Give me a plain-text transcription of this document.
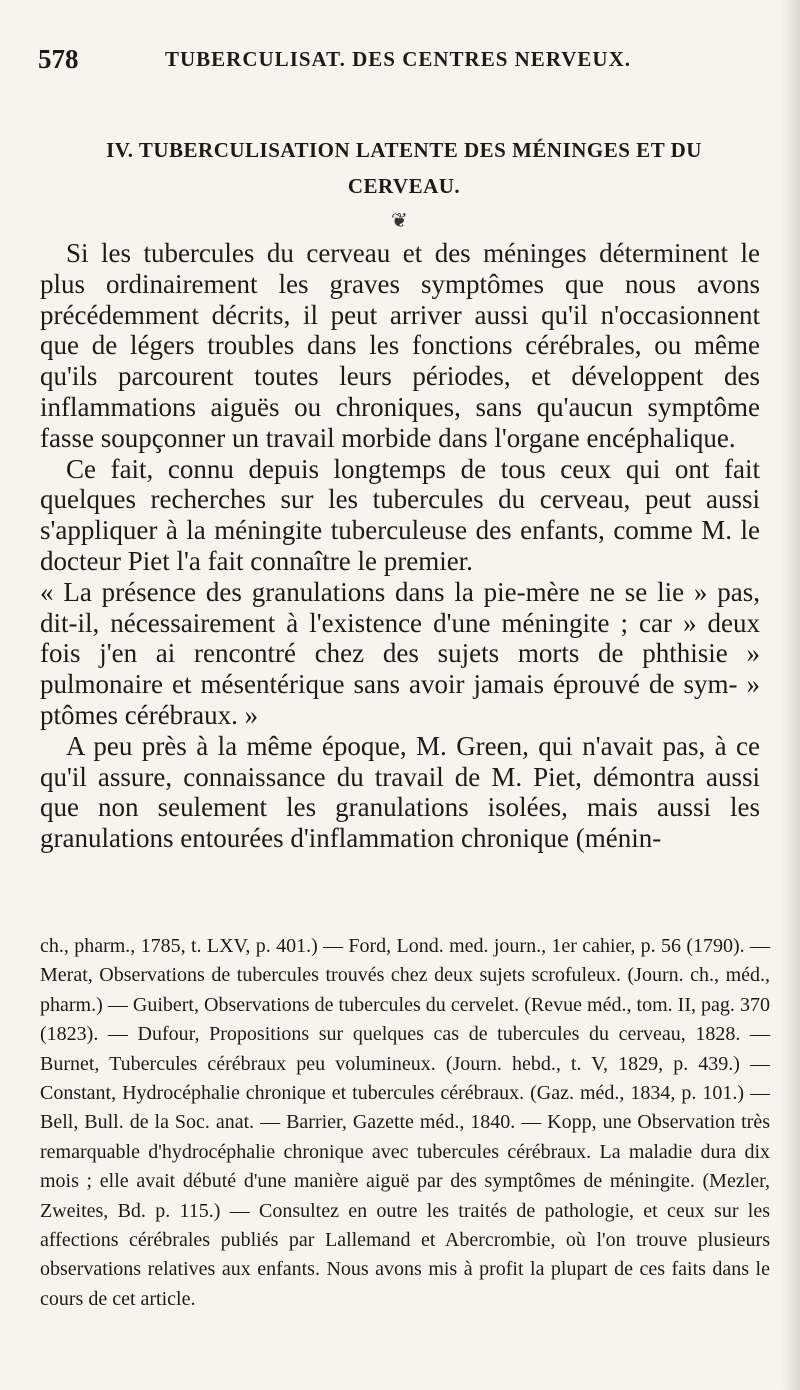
578	TUBERCULISAT. DES CENTRES NERVEUX.
IV. TUBERCULISATION LATENTE DES MÉNINGES ET DU
CERVEAU.
❦

Si les tubercules du cerveau et des méninges déterminent le plus ordinairement les graves symptômes que nous avons précédemment décrits, il peut arriver aussi qu'il n'occasionnent que de légers troubles dans les fonctions cérébrales, ou même qu'ils parcourent toutes leurs périodes, et développent des inflammations aiguës ou chroniques, sans qu'aucun symptôme fasse soupçonner un travail morbide dans l'organe encéphalique.

Ce fait, connu depuis longtemps de tous ceux qui ont fait quelques recherches sur les tubercules du cerveau, peut aussi s'appliquer à la méningite tuberculeuse des enfants, comme M. le docteur Piet l'a fait connaître le premier.

« La présence des granulations dans la pie-mère ne se lie » pas, dit-il, nécessairement à l'existence d'une méningite ; car » deux fois j'en ai rencontré chez des sujets morts de phthisie » pulmonaire et mésentérique sans avoir jamais éprouvé de sym- » ptômes cérébraux. »

A peu près à la même époque, M. Green, qui n'avait pas, à ce qu'il assure, connaissance du travail de M. Piet, démontra aussi que non seulement les granulations isolées, mais aussi les granulations entourées d'inflammation chronique (ménin-

ch., pharm., 1785, t. LXV, p. 401.) — Ford, Lond. med. journ., 1er cahier, p. 56 (1790). — Merat, Observations de tubercules trouvés chez deux sujets scrofuleux. (Journ. ch., méd., pharm.) — Guibert, Observations de tubercules du cervelet. (Revue méd., tom. II, pag. 370 (1823). — Dufour, Propositions sur quelques cas de tubercules du cerveau, 1828. — Burnet, Tubercules cérébraux peu volumineux. (Journ. hebd., t. V, 1829, p. 439.) — Constant, Hydrocéphalie chronique et tubercules cérébraux. (Gaz. méd., 1834, p. 101.) — Bell, Bull. de la Soc. anat. — Barrier, Gazette méd., 1840. — Kopp, une Observation très remarquable d'hydrocéphalie chronique avec tubercules cérébraux. La maladie dura dix mois ; elle avait débuté d'une manière aiguë par des symptômes de méningite. (Mezler, Zweites, Bd. p. 115.) — Consultez en outre les traités de pathologie, et ceux sur les affections cérébrales publiés par Lallemand et Abercrombie, où l'on trouve plusieurs observations relatives aux enfants. Nous avons mis à profit la plupart de ces faits dans le cours de cet article.
